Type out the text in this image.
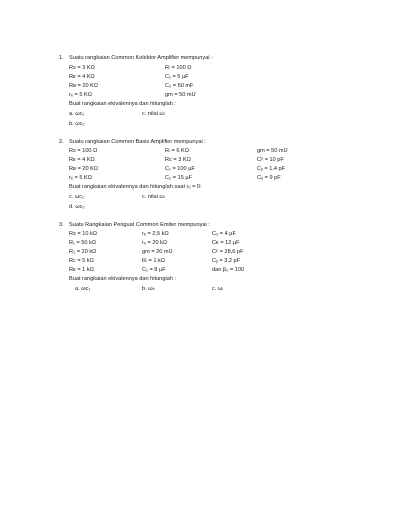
1. Suatu rangkaian Common Kolektor Amplifier mempunyai :
Rs = 3 KΩ	Rₗ = 100 Ω
Rᴇ = 4 KΩ	C₁ = 5 µF
Rʙ = 20 KΩ	C₂ = 50 mF
rₑ = 5 KΩ	gm = 50 mƲ
Buat rangkaian ekivalennya dan hitunglah :
a. ωc₁	c. nilai ωₗ
b. ωc₂
2. Suatu rangkaian Common Basis Amplifier mempunyai :
Rs = 100 Ω	Rₗ = 6 KΩ	gm = 50 mƲ
Rᴇ = 4 KΩ	Rᴄ = 3 KΩ	Cᵖ = 10 pF
Rʙ = 20 KΩ	C₁ = 100 µF	Cᵧ = 1,4 pF
rₑ = 5 KΩ	C₂ = 15 µF	Cₑ = 9 pF
Buat rangkaian ekivalennya dan hitunglah saat rₒ = 0:
c. ωc₁	c. nilai ωₗ
d. ωc₂
3. Suatu Rangkaian Penguat Common Emiter mempunyai :
Rs = 10 kΩ	rₑ = 2,5 kΩ	C₂ = 4 µF
R₁ = 50 kΩ	rₒ = 20 kΩ	Cᴇ = 12 µF
R₂ = 20 kΩ	gm = 20 mƲ	Cᵖ = 28,6 pF
Rᴄ = 5 kΩ	Rₗ = 1 kΩ	Cᵧ = 3,2 pF
Rᴇ = 1 kΩ	C₁ = 8 µF	dan β₀ = 100
Buat rangkaian ekivalennya dan hitunglah :
a. ωc₁	b. ωₕ	c. ωₗ
